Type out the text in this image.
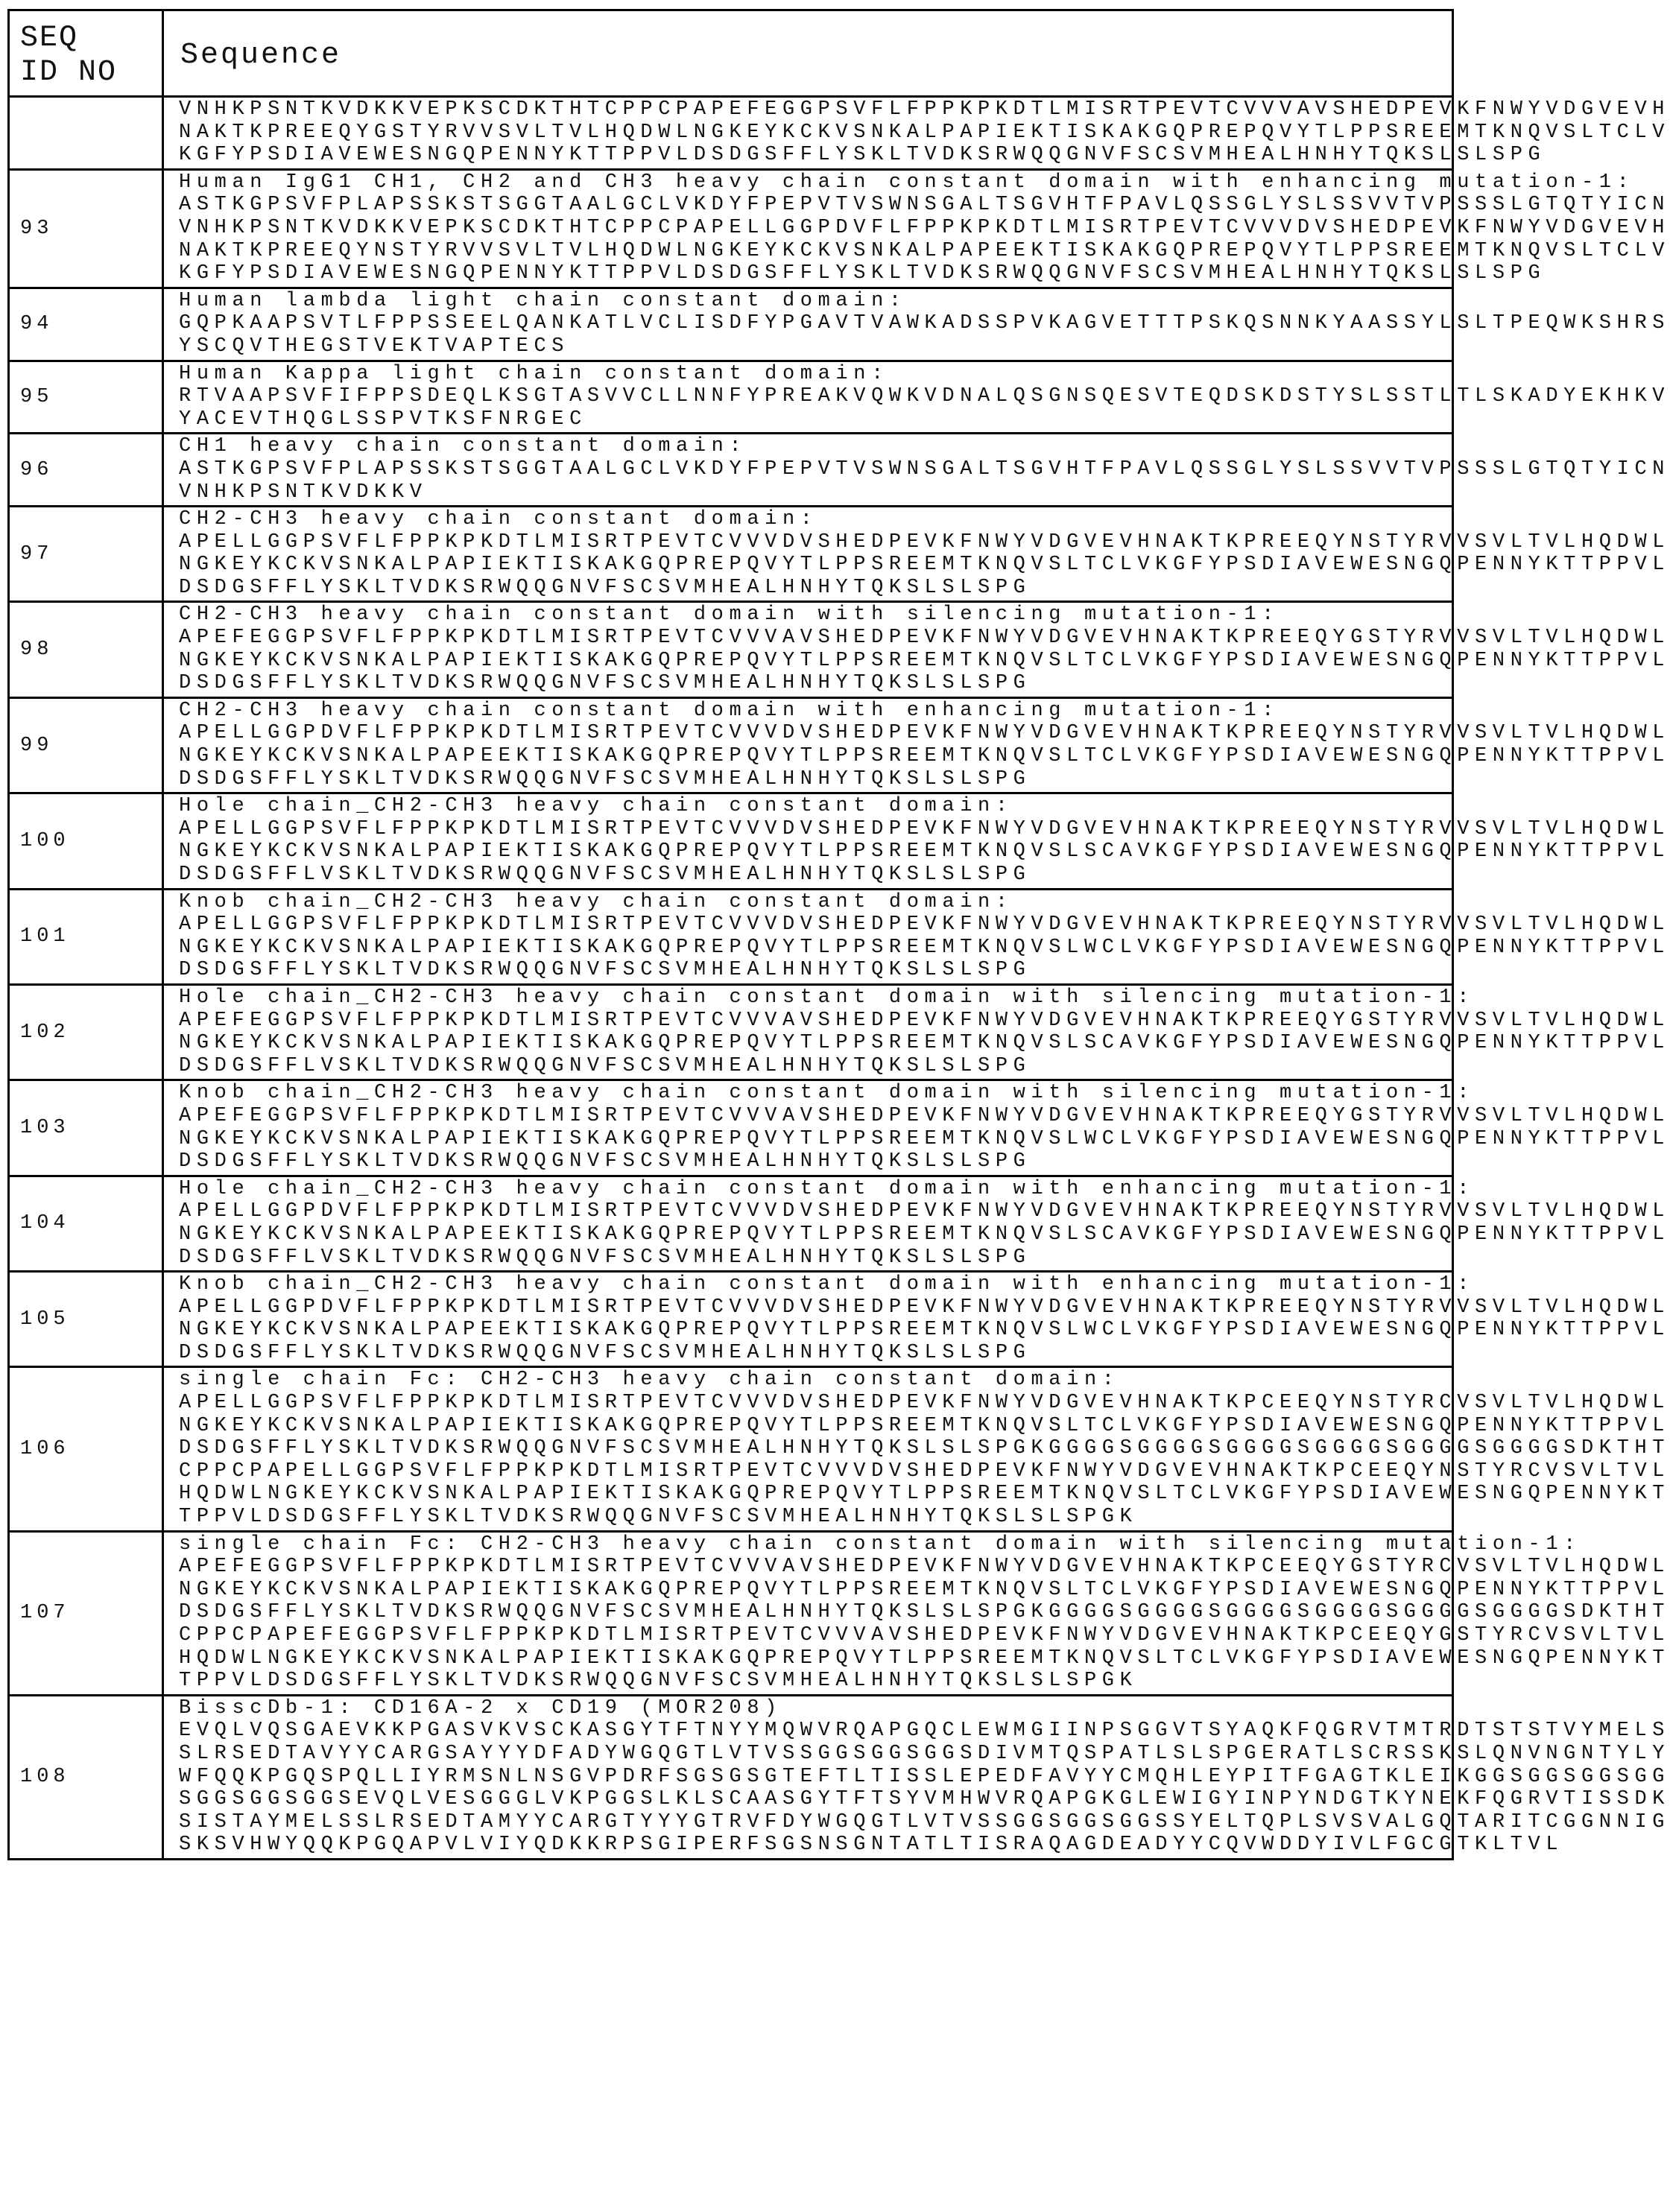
SEQ
ID NO	Sequence

	VNHKPSNTKVDKKVEPKSCDKTHTCPPCPAPEFEGGPSVFLFPPKPKDTLMISRTPEVTCVVVAVSHEDPEVKFNWYVDGVEVH
NAKTKPREEQYGSTYRVVSVLTVLHQDWLNGKEYKCKVSNKALPAPIEKTISKAKGQPREPQVYTLPPSREEMTKNQVSLTCLV
KGFYPSDIAVEWESNGQPENNYKTTPPVLDSDGSFFLYSKLTVDKSRWQQGNVFSCSVMHEALHNHYTQKSLSLSPG

93	Human IgG1 CH1, CH2 and CH3 heavy chain constant domain with enhancing mutation-1:
ASTKGPSVFPLAPSSKSTSGGTAALGCLVKDYFPEPVTVSWNSGALTSGVHTFPAVLQSSGLYSLSSVVTVPSSSLGTQTYICN
VNHKPSNTKVDKKVEPKSCDKTHTCPPCPAPELLGGPDVFLFPPKPKDTLMISRTPEVTCVVVDVSHEDPEVKFNWYVDGVEVH
NAKTKPREEQYNSTYRVVSVLTVLHQDWLNGKEYKCKVSNKALPAPEEKTISKAKGQPREPQVYTLPPSREEMTKNQVSLTCLV
KGFYPSDIAVEWESNGQPENNYKTTPPVLDSDGSFFLYSKLTVDKSRWQQGNVFSCSVMHEALHNHYTQKSLSLSPG

94	Human lambda light chain constant domain:
GQPKAAPSVTLFPPSSEELQANKATLVCLISDFYPGAVTVAWKADSSPVKAGVETTTPSKQSNNKYAASSYLSLTPEQWKSHRS
YSCQVTHEGSTVEKTVAPTECS

95	Human Kappa light chain constant domain:
RTVAAPSVFIFPPSDEQLKSGTASVVCLLNNFYPREAKVQWKVDNALQSGNSQESVTEQDSKDSTYSLSSTLTLSKADYEKHKV
YACEVTHQGLSSPVTKSFNRGEC

96	CH1 heavy chain constant domain:
ASTKGPSVFPLAPSSKSTSGGTAALGCLVKDYFPEPVTVSWNSGALTSGVHTFPAVLQSSGLYSLSSVVTVPSSSLGTQTYICN
VNHKPSNTKVDKKV

97	CH2-CH3 heavy chain constant domain:
APELLGGPSVFLFPPKPKDTLMISRTPEVTCVVVDVSHEDPEVKFNWYVDGVEVHNAKTKPREEQYNSTYRVVSVLTVLHQDWL
NGKEYKCKVSNKALPAPIEKTISKAKGQPREPQVYTLPPSREEMTKNQVSLTCLVKGFYPSDIAVEWESNGQPENNYKTTPPVL
DSDGSFFLYSKLTVDKSRWQQGNVFSCSVMHEALHNHYTQKSLSLSPG

98	CH2-CH3 heavy chain constant domain with silencing mutation-1:
APEFEGGPSVFLFPPKPKDTLMISRTPEVTCVVVAVSHEDPEVKFNWYVDGVEVHNAKTKPREEQYGSTYRVVSVLTVLHQDWL
NGKEYKCKVSNKALPAPIEKTISKAKGQPREPQVYTLPPSREEMTKNQVSLTCLVKGFYPSDIAVEWESNGQPENNYKTTPPVL
DSDGSFFLYSKLTVDKSRWQQGNVFSCSVMHEALHNHYTQKSLSLSPG

99	CH2-CH3 heavy chain constant domain with enhancing mutation-1:
APELLGGPDVFLFPPKPKDTLMISRTPEVTCVVVDVSHEDPEVKFNWYVDGVEVHNAKTKPREEQYNSTYRVVSVLTVLHQDWL
NGKEYKCKVSNKALPAPEEKTISKAKGQPREPQVYTLPPSREEMTKNQVSLTCLVKGFYPSDIAVEWESNGQPENNYKTTPPVL
DSDGSFFLYSKLTVDKSRWQQGNVFSCSVMHEALHNHYTQKSLSLSPG

100	Hole chain_CH2-CH3 heavy chain constant domain:
APELLGGPSVFLFPPKPKDTLMISRTPEVTCVVVDVSHEDPEVKFNWYVDGVEVHNAKTKPREEQYNSTYRVVSVLTVLHQDWL
NGKEYKCKVSNKALPAPIEKTISKAKGQPREPQVYTLPPSREEMTKNQVSLSCAVKGFYPSDIAVEWESNGQPENNYKTTPPVL
DSDGSFFLVSKLTVDKSRWQQGNVFSCSVMHEALHNHYTQKSLSLSPG

101	Knob chain_CH2-CH3 heavy chain constant domain:
APELLGGPSVFLFPPKPKDTLMISRTPEVTCVVVDVSHEDPEVKFNWYVDGVEVHNAKTKPREEQYNSTYRVVSVLTVLHQDWL
NGKEYKCKVSNKALPAPIEKTISKAKGQPREPQVYTLPPSREEMTKNQVSLWCLVKGFYPSDIAVEWESNGQPENNYKTTPPVL
DSDGSFFLYSKLTVDKSRWQQGNVFSCSVMHEALHNHYTQKSLSLSPG

102	Hole chain_CH2-CH3 heavy chain constant domain with silencing mutation-1:
APEFEGGPSVFLFPPKPKDTLMISRTPEVTCVVVAVSHEDPEVKFNWYVDGVEVHNAKTKPREEQYGSTYRVVSVLTVLHQDWL
NGKEYKCKVSNKALPAPIEKTISKAKGQPREPQVYTLPPSREEMTKNQVSLSCAVKGFYPSDIAVEWESNGQPENNYKTTPPVL
DSDGSFFLVSKLTVDKSRWQQGNVFSCSVMHEALHNHYTQKSLSLSPG

103	Knob chain_CH2-CH3 heavy chain constant domain with silencing mutation-1:
APEFEGGPSVFLFPPKPKDTLMISRTPEVTCVVVAVSHEDPEVKFNWYVDGVEVHNAKTKPREEQYGSTYRVVSVLTVLHQDWL
NGKEYKCKVSNKALPAPIEKTISKAKGQPREPQVYTLPPSREEMTKNQVSLWCLVKGFYPSDIAVEWESNGQPENNYKTTPPVL
DSDGSFFLYSKLTVDKSRWQQGNVFSCSVMHEALHNHYTQKSLSLSPG

104	Hole chain_CH2-CH3 heavy chain constant domain with enhancing mutation-1:
APELLGGPDVFLFPPKPKDTLMISRTPEVTCVVVDVSHEDPEVKFNWYVDGVEVHNAKTKPREEQYNSTYRVVSVLTVLHQDWL
NGKEYKCKVSNKALPAPEEKTISKAKGQPREPQVYTLPPSREEMTKNQVSLSCAVKGFYPSDIAVEWESNGQPENNYKTTPPVL
DSDGSFFLVSKLTVDKSRWQQGNVFSCSVMHEALHNHYTQKSLSLSPG

105	Knob chain_CH2-CH3 heavy chain constant domain with enhancing mutation-1:
APELLGGPDVFLFPPKPKDTLMISRTPEVTCVVVDVSHEDPEVKFNWYVDGVEVHNAKTKPREEQYNSTYRVVSVLTVLHQDWL
NGKEYKCKVSNKALPAPEEKTISKAKGQPREPQVYTLPPSREEMTKNQVSLWCLVKGFYPSDIAVEWESNGQPENNYKTTPPVL
DSDGSFFLYSKLTVDKSRWQQGNVFSCSVMHEALHNHYTQKSLSLSPG

106	
single chain Fc: CH2-CH3 heavy chain constant domain:
APELLGGPSVFLFPPKPKDTLMISRTPEVTCVVVDVSHEDPEVKFNWYVDGVEVHNAKTKPCEEQYNSTYRCVSVLTVLHQDWL
NGKEYKCKVSNKALPAPIEKTISKAKGQPREPQVYTLPPSREEMTKNQVSLTCLVKGFYPSDIAVEWESNGQPENNYKTTPPVL
DSDGSFFLYSKLTVDKSRWQQGNVFSCSVMHEALHNHYTQKSLSLSPGKGGGGSGGGGSGGGGSGGGGSGGGGSGGGGSDKTHT
CPPCPAPELLGGPSVFLFPPKPKDTLMISRTPEVTCVVVDVSHEDPEVKFNWYVDGVEVHNAKTKPCEEQYNSTYRCVSVLTVL
HQDWLNGKEYKCKVSNKALPAPIEKTISKAKGQPREPQVYTLPPSREEMTKNQVSLTCLVKGFYPSDIAVEWESNGQPENNYKT
TPPVLDSDGSFFLYSKLTVDKSRWQQGNVFSCSVMHEALHNHYTQKSLSLSPGK

107	
single chain Fc: CH2-CH3 heavy chain constant domain with silencing mutation-1:
APEFEGGPSVFLFPPKPKDTLMISRTPEVTCVVVAVSHEDPEVKFNWYVDGVEVHNAKTKPCEEQYGSTYRCVSVLTVLHQDWL
NGKEYKCKVSNKALPAPIEKTISKAKGQPREPQVYTLPPSREEMTKNQVSLTCLVKGFYPSDIAVEWESNGQPENNYKTTPPVL
DSDGSFFLYSKLTVDKSRWQQGNVFSCSVMHEALHNHYTQKSLSLSPGKGGGGSGGGGSGGGGSGGGGSGGGGSGGGGSDKTHT
CPPCPAPEFEGGPSVFLFPPKPKDTLMISRTPEVTCVVVAVSHEDPEVKFNWYVDGVEVHNAKTKPCEEQYGSTYRCVSVLTVL
HQDWLNGKEYKCKVSNKALPAPIEKTISKAKGQPREPQVYTLPPSREEMTKNQVSLTCLVKGFYPSDIAVEWESNGQPENNYKT
TPPVLDSDGSFFLYSKLTVDKSRWQQGNVFSCSVMHEALHNHYTQKSLSLSPGK

108	
BisscDb-1: CD16A-2 x CD19 (MOR208)
EVQLVQSGAEVKKPGASVKVSCKASGYTFTNYYMQWVRQAPGQCLEWMGIINPSGGVTSYAQKFQGRVTMTRDTSTSTVYMELS
SLRSEDTAVYYCARGSAYYYDFADYWGQGTLVTVSSGGSGGSGGSDIVMTQSPATLSLSPGERATLSCRSSKSLQNVNGNTYLY
WFQQKPGQSPQLLIYRMSNLNSGVPDRFSGSGSGTEFTLTISSLEPEDFAVYYCMQHLEYPITFGAGTKLEIKGGSGGSGGSGG
SGGSGGSGGSEVQLVESGGGLVKPGGSLKLSCAASGYTFTSYVMHWVRQAPGKGLEWIGYINPYNDGTKYNEKFQGRVTISSDK
SISTAYMELSSLRSEDTAMYYCARGTYYYGTRVFDYWGQGTLVTVSSGGSGGSGGSSYELTQPLSVSVALGQTARITCGGNNIG
SKSVHWYQQKPGQAPVLVIYQDKKRPSGIPERFSGSNSGNTATLTISRAQAGDEADYYCQVWDDYIVLFGCGTKLTVL
